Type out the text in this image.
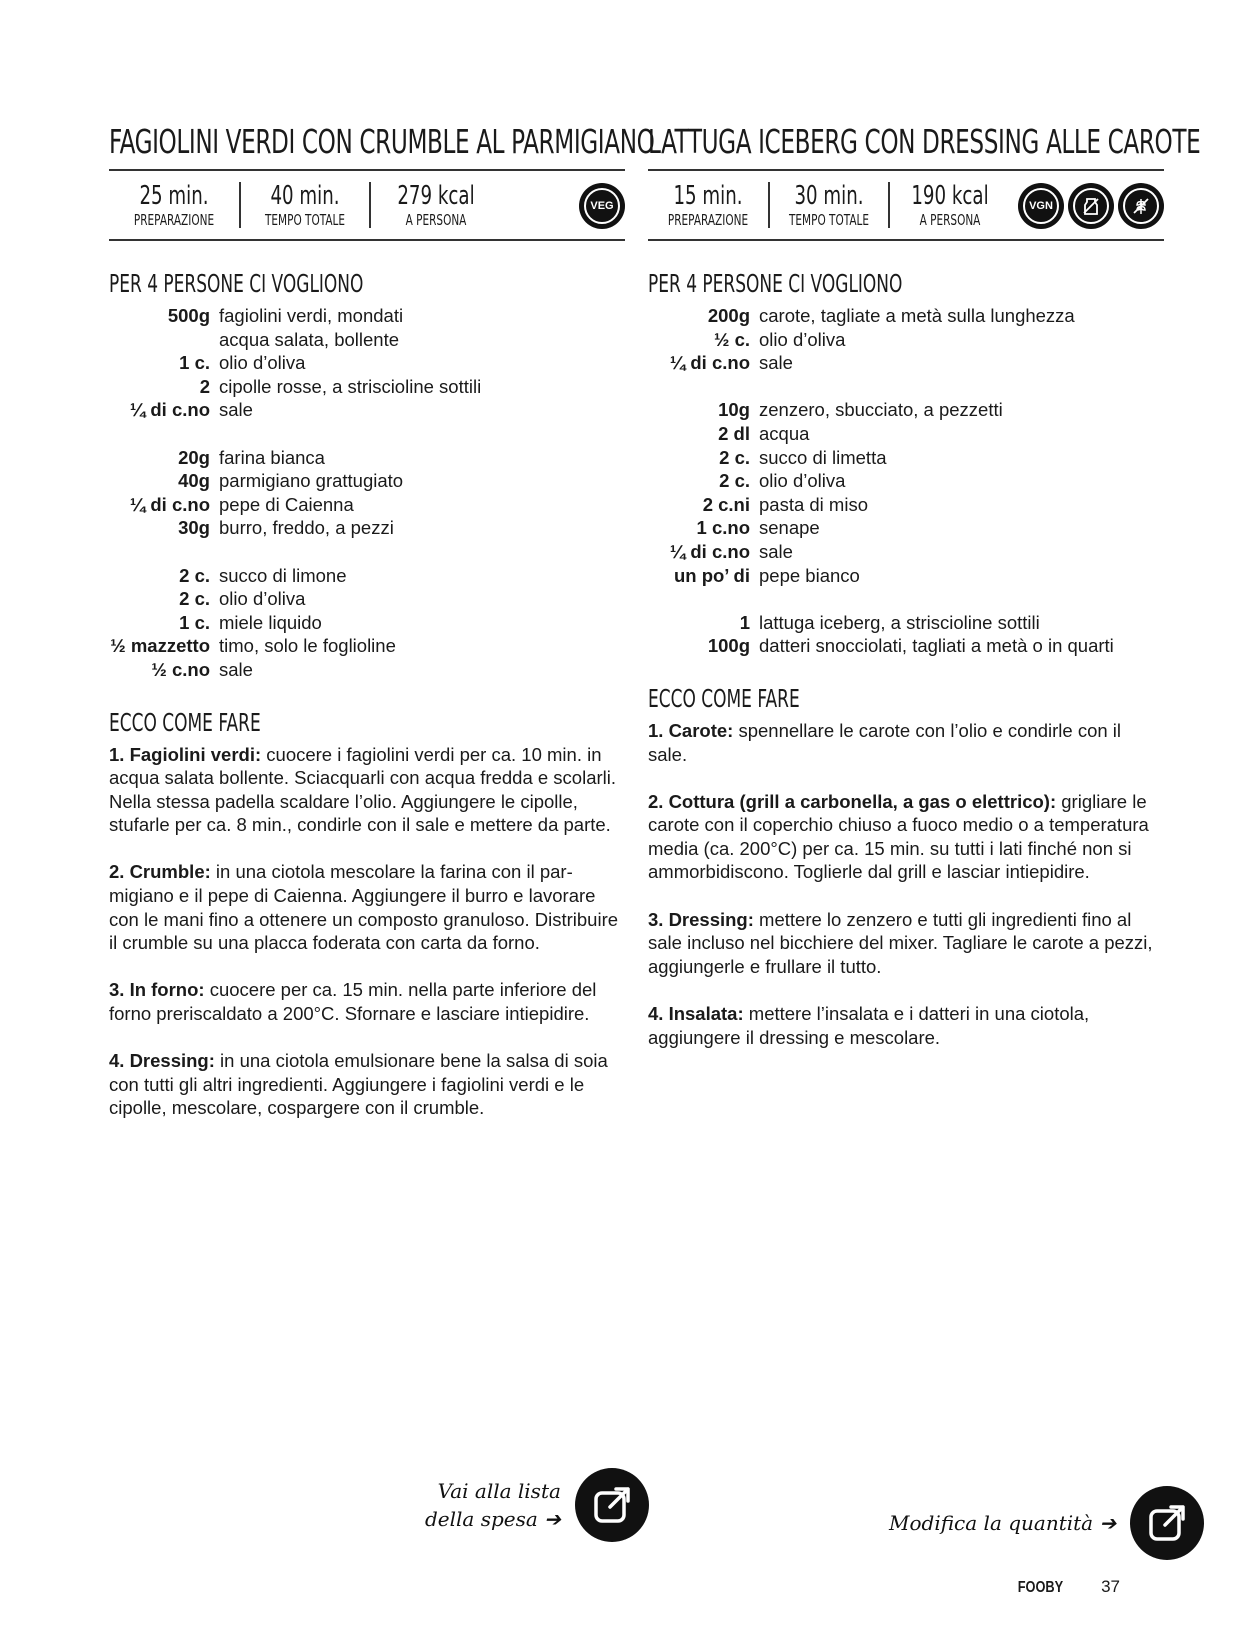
FAGIOLINI VERDI CON CRUMBLE AL PARMIGIANO
25 min.
PREPARAZIONE
40 min.
TEMPO TOTALE
279 kcal
A PERSONA
VEG
PER 4 PERSONE CI VOGLIONO
500g fagiolini verdi, mondati
acqua salata, bollente
1 c. olio d’oliva
2 cipolle rosse, a striscioline sottili
¼ di c.no sale
20g farina bianca
40g parmigiano grattugiato
¼ di c.no pepe di Caienna
30g burro, freddo, a pezzi
2 c. succo di limone
2 c. olio d’oliva
1 c. miele liquido
½ mazzetto timo, solo le foglioline
½ c.no sale
ECCO COME FARE

1. Fagiolini verdi: cuocere i fagiolini verdi per ca. 10 min. in acqua salata bollente. Sciacquarli con acqua fredda e scolarli. Nella stessa padella scaldare l’olio. Aggiungere le cipolle, stufarle per ca. 8 min., condirle con il sale e mettere da parte.

2. Crumble: in una ciotola mescolare la farina con il parmigiano e il pepe di Caienna. Aggiungere il burro e lavorare con le mani fino a ottenere un composto granuloso. Distribuire il crumble su una placca foderata con carta da forno.

3. In forno: cuocere per ca. 15 min. nella parte inferiore del forno preriscaldato a 200°C. Sfornare e lasciare intiepidire.

4. Dressing: in una ciotola emulsionare bene la salsa di soia con tutti gli altri ingredienti. Aggiungere i fagiolini verdi e le cipolle, mescolare, cospargere con il crumble.

LATTUGA ICEBERG CON DRESSING ALLE CAROTE
15 min.
PREPARAZIONE
30 min.
TEMPO TOTALE
190 kcal
A PERSONA
VGN
PER 4 PERSONE CI VOGLIONO
200g carote, tagliate a metà sulla lunghezza
½ c. olio d’oliva
¼ di c.no sale
10g zenzero, sbucciato, a pezzetti
2 dl acqua
2 c. succo di limetta
2 c. olio d’oliva
2 c.ni pasta di miso
1 c.no senape
¼ di c.no sale
un po’ di pepe bianco
1 lattuga iceberg, a striscioline sottili
100g datteri snocciolati, tagliati a metà o in quarti
ECCO COME FARE

1. Carote: spennellare le carote con l’olio e condirle con il sale.

2. Cottura (grill a carbonella, a gas o elettrico): grigliare le carote con il coperchio chiuso a fuoco medio o a temperatura media (ca. 200°C) per ca. 15 min. su tutti i lati finché non si ammorbidiscono. Toglierle dal grill e lasciar intiepidire.

3. Dressing: mettere lo zenzero e tutti gli ingredienti fino al sale incluso nel bicchiere del mixer. Tagliare le carote a pezzi, aggiungerle e frullare il tutto.

4. Insalata: mettere l’insalata e i datteri in una ciotola, aggiungere il dressing e mescolare.

Vai alla lista
della spesa ➔	Modifica la quantità ➔
FOOBY 37
